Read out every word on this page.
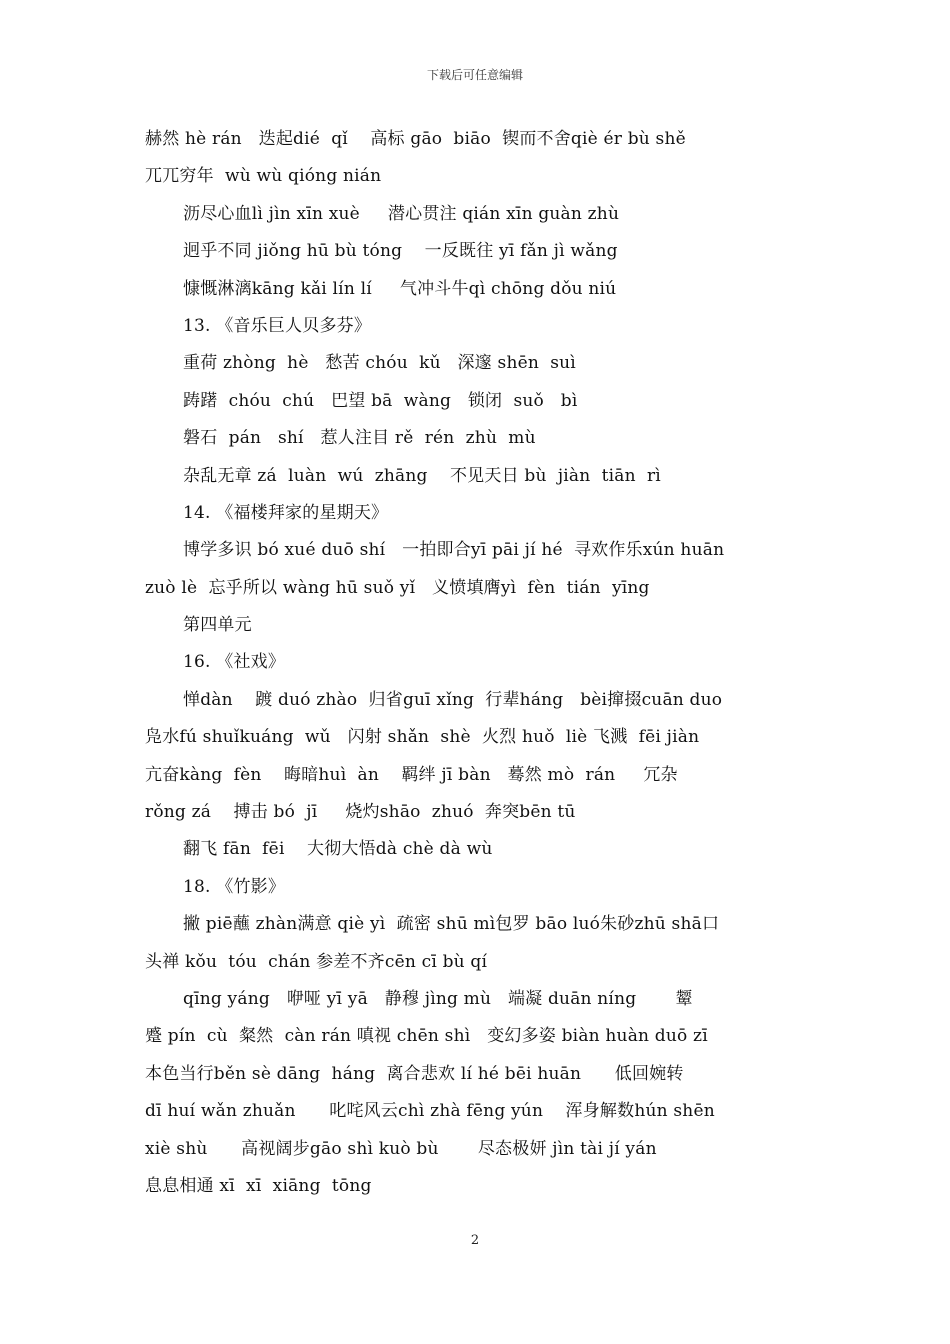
下载后可任意编辑
赫然 hè rán   迭起dié  qǐ    高标 gāo  biāo  锲而不舍qiè ér bù shě
兀兀穷年  wù wù qióng nián
沥尽心血lì jìn xīn xuè     潜心贯注 qián xīn guàn zhù
迥乎不同 jiǒng hū bù tóng    一反既往 yī fǎn jì wǎng
慷慨淋漓kāng kǎi lín lí     气冲斗牛qì chōng dǒu niú
13. 《音乐巨人贝多芬》
重荷 zhòng  hè   愁苦 chóu  kǔ   深邃 shēn  suì
踌躇  chóu  chú   巴望 bā  wàng   锁闭  suǒ   bì
磐石  pán   shí   惹人注目 rě  rén  zhù  mù
杂乱无章 zá  luàn  wú  zhāng    不见天日 bù  jiàn  tiān  rì
14. 《福楼拜家的星期天》
博学多识 bó xué duō shí   一拍即合yī pāi jí hé  寻欢作乐xún huān
zuò lè  忘乎所以 wàng hū suǒ yǐ   义愤填膺yì  fèn  tián  yīng
第四单元
16. 《社戏》
惮dàn    踱 duó zhào  归省guī xǐng  行辈háng   bèi撺掇cuān duo
凫水fú shuǐkuáng  wǔ   闪射 shǎn  shè  火烈 huǒ  liè 飞溅  fēi jiàn
亢奋kàng  fèn    晦暗huì  àn    羁绊 jī bàn   蓦然 mò  rán     冗杂
rǒng zá    搏击 bó  jī     烧灼shāo  zhuó  奔突bēn tū
翻飞 fān  fēi    大彻大悟dà chè dà wù
18. 《竹影》
撇 piē蘸 zhàn满意 qiè yì  疏密 shū mì包罗 bāo luó朱砂zhū shā口
头禅 kǒu  tóu  chán 参差不齐cēn cī bù qí
qīng yáng   咿哑 yī yā   静穆 jìng mù   端凝 duān níng       颦
蹙 pín  cù  粲然  càn rán 嗔视 chēn shì   变幻多姿 biàn huàn duō zī
本色当行běn sè dāng  háng  离合悲欢 lí hé bēi huān      低回婉转
dī huí wǎn zhuǎn      叱咤风云chì zhà fēng yún    浑身解数hún shēn
xiè shù      高视阔步gāo shì kuò bù       尽态极妍 jìn tài jí yán
息息相通 xī  xī  xiāng  tōng
2
